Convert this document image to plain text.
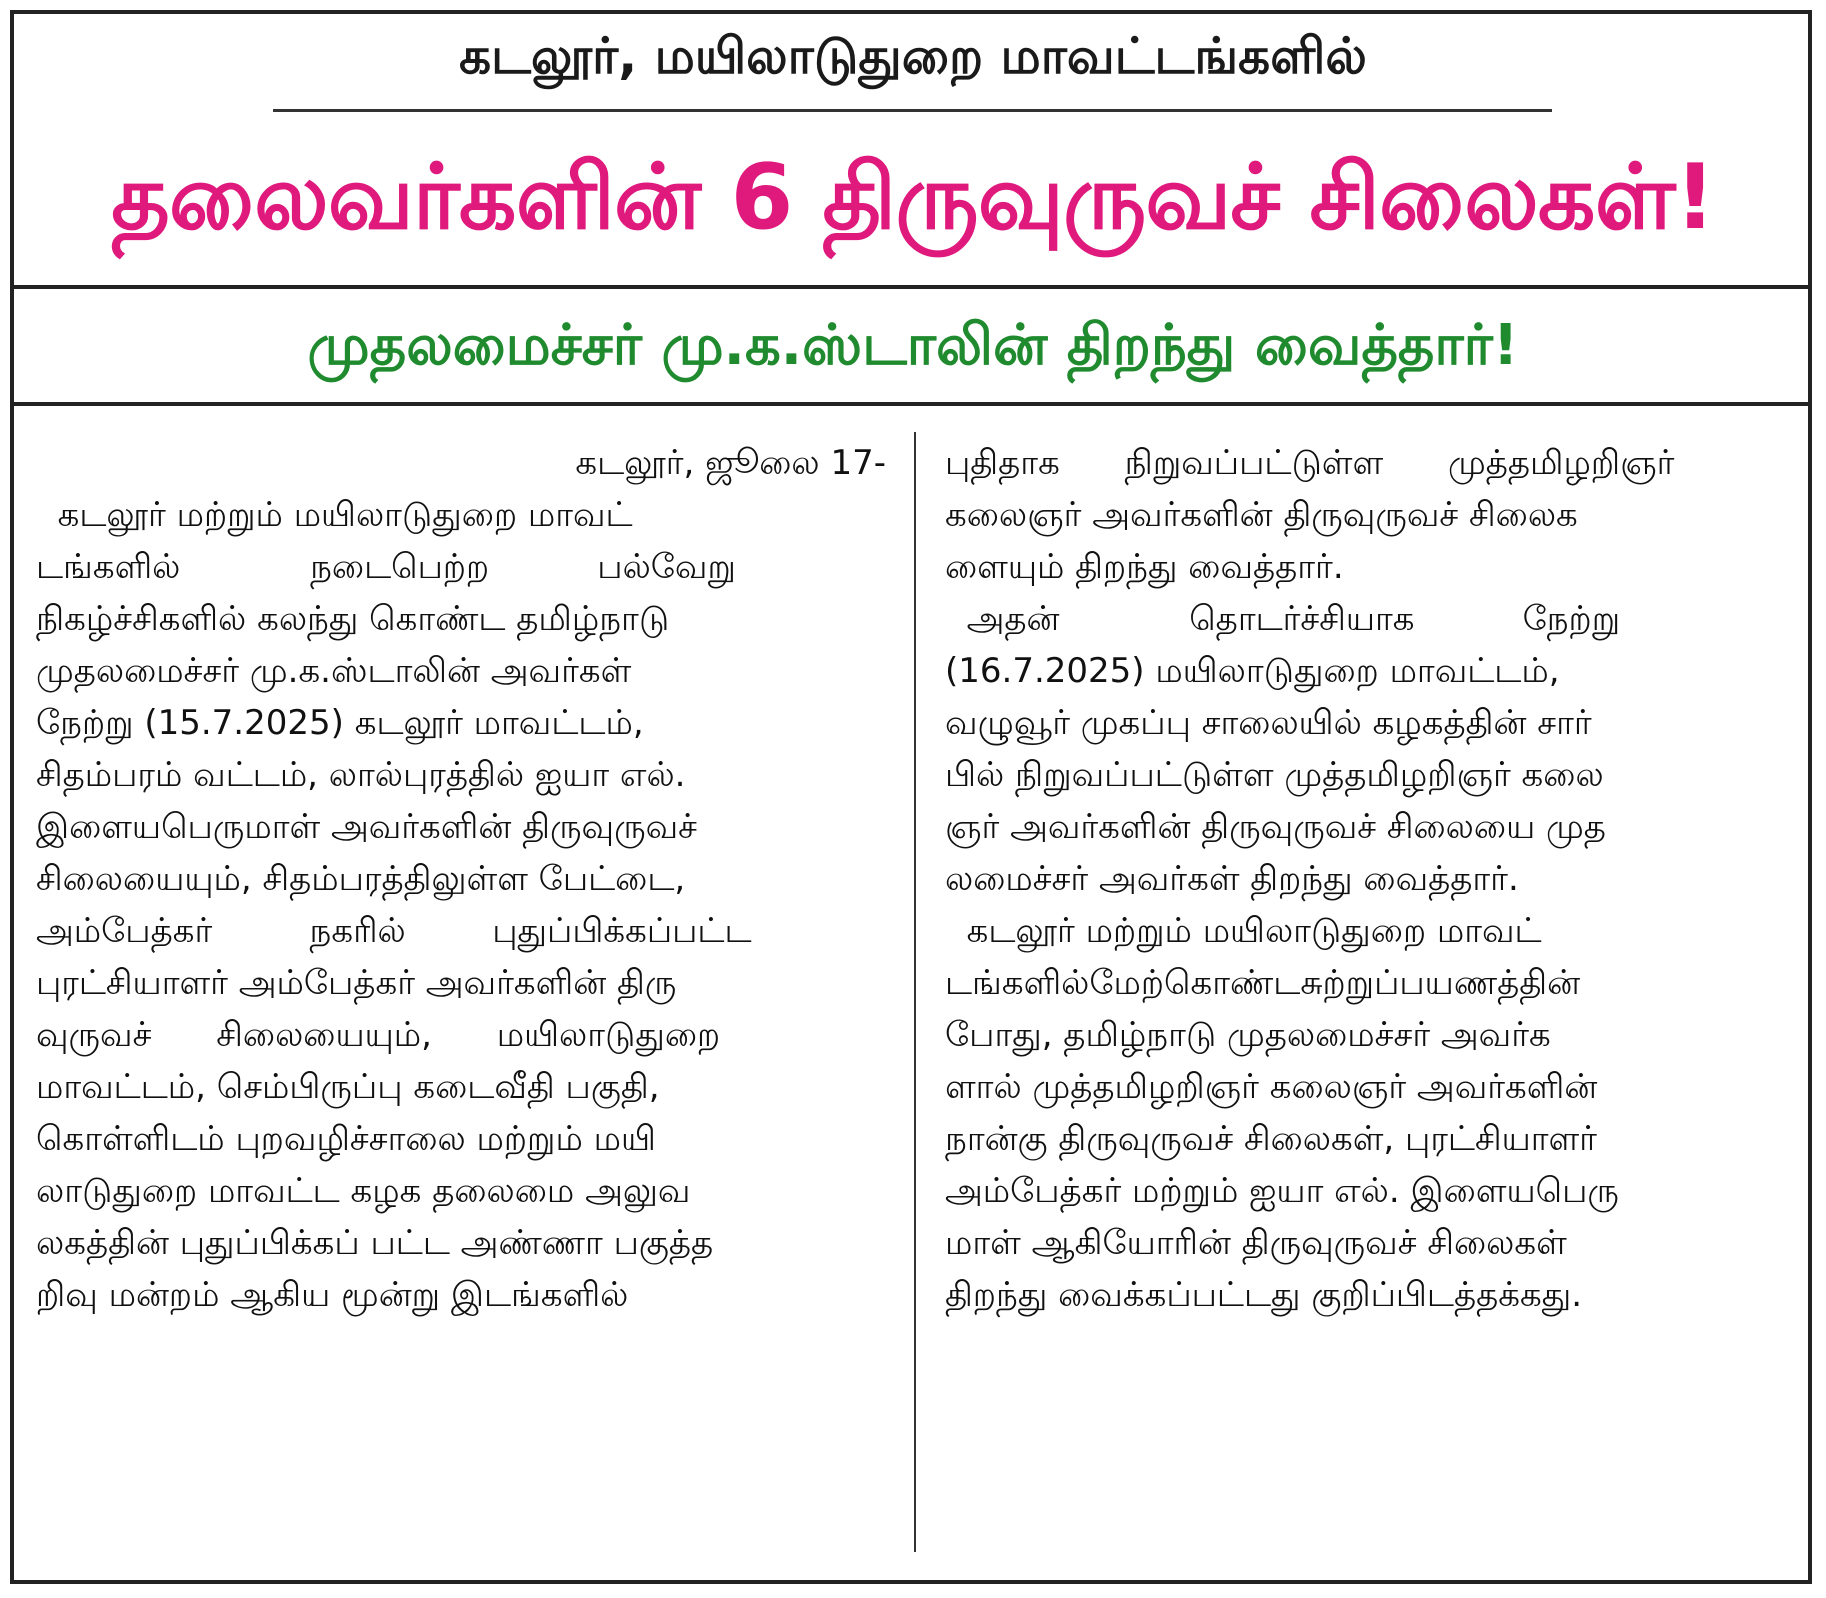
கடலூர், மயிலாடுதுறை மாவட்டங்களில்
தலைவர்களின் 6 திருவுருவச் சிலைகள்!
முதலமைச்சர் மு.க.ஸ்டாலின் திறந்து வைத்தார்!
கடலூர், ஜூலை 17-
கடலூர் மற்றும் மயிலாடுதுறை மாவட்
டங்களில்            நடைபெற்ற          பல்வேறு
நிகழ்ச்சிகளில் கலந்து கொண்ட தமிழ்நாடு
முதலமைச்சர் மு.க.ஸ்டாலின் அவர்கள்
நேற்று (15.7.2025) கடலூர் மாவட்டம்,
சிதம்பரம் வட்டம், லால்புரத்தில் ஐயா எல்.
இளையபெருமாள் அவர்களின் திருவுருவச்
சிலையையும், சிதம்பரத்திலுள்ள பேட்டை,
அம்பேத்கர்         நகரில்        புதுப்பிக்கப்பட்ட
புரட்சியாளர் அம்பேத்கர் அவர்களின் திரு
வுருவச்      சிலையையும்,      மயிலாடுதுறை
மாவட்டம், செம்பிருப்பு கடைவீதி பகுதி,
கொள்ளிடம் புறவழிச்சாலை மற்றும் மயி
லாடுதுறை மாவட்ட கழக தலைமை அலுவ
லகத்தின் புதுப்பிக்கப் பட்ட அண்ணா பகுத்த
றிவு மன்றம் ஆகிய மூன்று இடங்களில்
புதிதாக      நிறுவப்பட்டுள்ள      முத்தமிழறிஞர்
கலைஞர் அவர்களின் திருவுருவச் சிலைக
ளையும் திறந்து வைத்தார்.
அதன்            தொடர்ச்சியாக          நேற்று
(16.7.2025) மயிலாடுதுறை மாவட்டம்,
வழுவூர் முகப்பு சாலையில் கழகத்தின் சார்
பில் நிறுவப்பட்டுள்ள முத்தமிழறிஞர் கலை
ஞர் அவர்களின் திருவுருவச் சிலையை முத
லமைச்சர் அவர்கள் திறந்து வைத்தார்.
கடலூர் மற்றும் மயிலாடுதுறை மாவட்
டங்களில்மேற்கொண்டசுற்றுப்பயணத்தின்
போது, தமிழ்நாடு முதலமைச்சர் அவர்க
ளால் முத்தமிழறிஞர் கலைஞர் அவர்களின்
நான்கு திருவுருவச் சிலைகள், புரட்சியாளர்
அம்பேத்கர் மற்றும் ஐயா எல். இளையபெரு
மாள் ஆகியோரின் திருவுருவச் சிலைகள்
திறந்து வைக்கப்பட்டது குறிப்பிடத்தக்கது.
